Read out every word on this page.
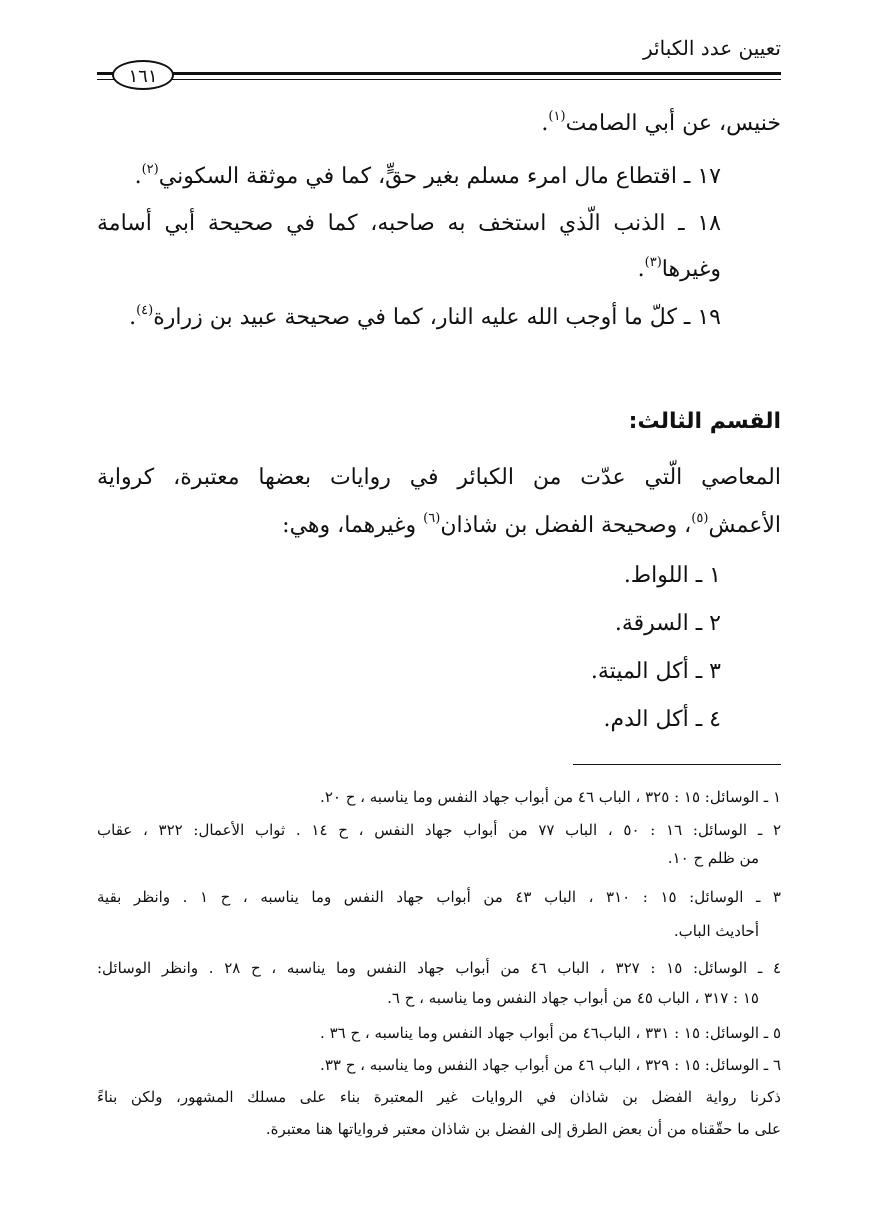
تعيين عدد الكبائر
١٦١
خنيس، عن أبي الصامت$^{(١)}$.
١٧ ـ اقتطاع مال امرء مسلم بغير حقٍّ، كما في موثقة السكوني$^{(٢)}$.
١٨ ـ الذنب الّذي استخف به صاحبه، كما في صحيحة أبي أسامة
وغيرها$^{(٣)}$.
١٩ ـ كلّ ما أوجب الله عليه النار، كما في صحيحة عبيد بن زرارة$^{(٤)}$.
القسم الثالث:
المعاصي الّتي عدّت من الكبائر في روايات بعضها معتبرة، كرواية
الأعمش$^{(٥)}$، وصحيحة الفضل بن شاذان$^{(٦)}$ وغيرهما، وهي:
١ ـ اللواط.
٢ ـ السرقة.
٣ ـ أكل الميتة.
٤ ـ أكل الدم.
١ ـ الوسائل: ١٥ : ٣٢٥ ، الباب ٤٦ من أبواب جهاد النفس وما يناسبه ، ح ٢٠.
٢ ـ الوسائل: ١٦ : ٥٠ ، الباب ٧٧ من أبواب جهاد النفس ، ح ١٤ . ثواب الأعمال: ٣٢٢ ، عقاب
من ظلم ح ١٠.
٣ ـ الوسائل: ١٥ : ٣١٠ ، الباب ٤٣ من أبواب جهاد النفس وما يناسبه ، ح ١ . وانظر بقية
أحاديث الباب.
٤ ـ الوسائل: ١٥ : ٣٢٧ ، الباب ٤٦ من أبواب جهاد النفس وما يناسبه ، ح ٢٨ . وانظر الوسائل:
١٥ : ٣١٧ ، الباب ٤٥ من أبواب جهاد النفس وما يناسبه ، ح ٦.
٥ ـ الوسائل: ١٥ : ٣٣١ ، الباب٤٦ من أبواب جهاد النفس وما يناسبه ، ح ٣٦ .
٦ ـ الوسائل: ١٥ : ٣٢٩ ، الباب ٤٦ من أبواب جهاد النفس وما يناسبه ، ح ٣٣.
ذكرنا رواية الفضل بن شاذان في الروايات غير المعتبرة بناء على مسلك المشهور، ولكن بناءً
على ما حقّقناه من أن بعض الطرق إلى الفضل بن شاذان معتبر فرواياتها هنا معتبرة.
